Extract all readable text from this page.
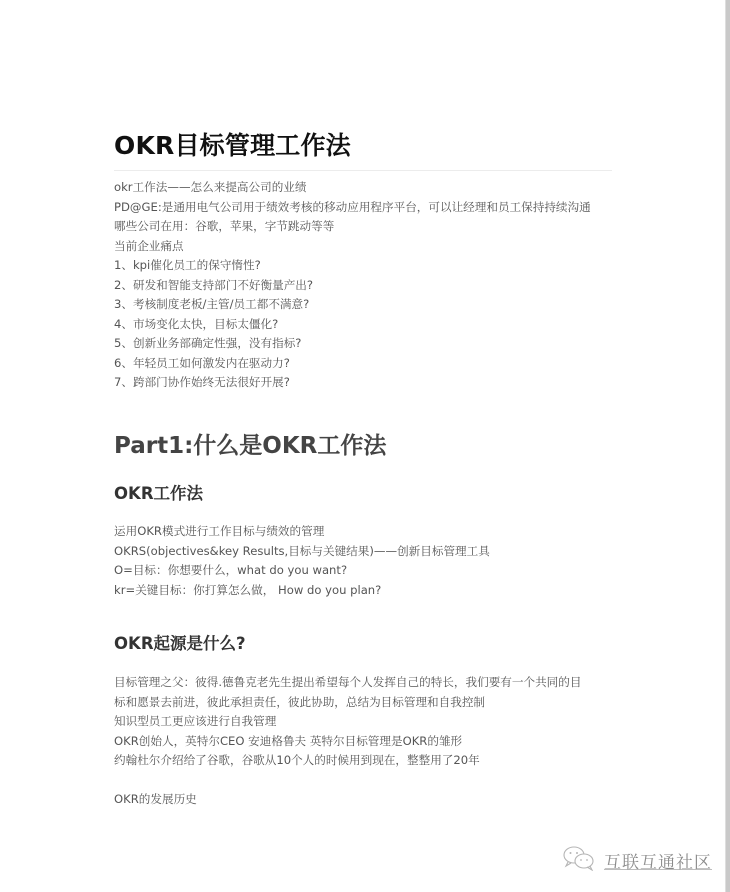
OKR目标管理工作法
okr工作法——怎么来提高公司的业绩
PD@GE:是通用电气公司用于绩效考核的移动应用程序平台，可以让经理和员工保持持续沟通
哪些公司在用：谷歌，苹果，字节跳动等等
当前企业痛点
1、kpi催化员工的保守惰性?
2、研发和智能支持部门不好衡量产出?
3、考核制度老板/主管/员工都不满意?
4、市场变化太快，目标太僵化?
5、创新业务部确定性强，没有指标?
6、年轻员工如何激发内在驱动力?
7、跨部门协作始终无法很好开展?
Part1:什么是OKR工作法
OKR工作法
运用OKR模式进行工作目标与绩效的管理
OKRS(objectives&key Results,目标与关键结果)——创新目标管理工具
O=目标：你想要什么，what do you want?
kr=关键目标：你打算怎么做， How do you plan?
OKR起源是什么?
目标管理之父：彼得.德鲁克老先生提出希望每个人发挥自己的特长，我们要有一个共同的目
标和愿景去前进，彼此承担责任，彼此协助，总结为目标管理和自我控制
知识型员工更应该进行自我管理
OKR创始人，英特尔CEO 安迪格鲁夫 英特尔目标管理是OKR的雏形
约翰杜尔介绍给了谷歌，谷歌从10个人的时候用到现在，整整用了20年
OKR的发展历史
互联互通社区
